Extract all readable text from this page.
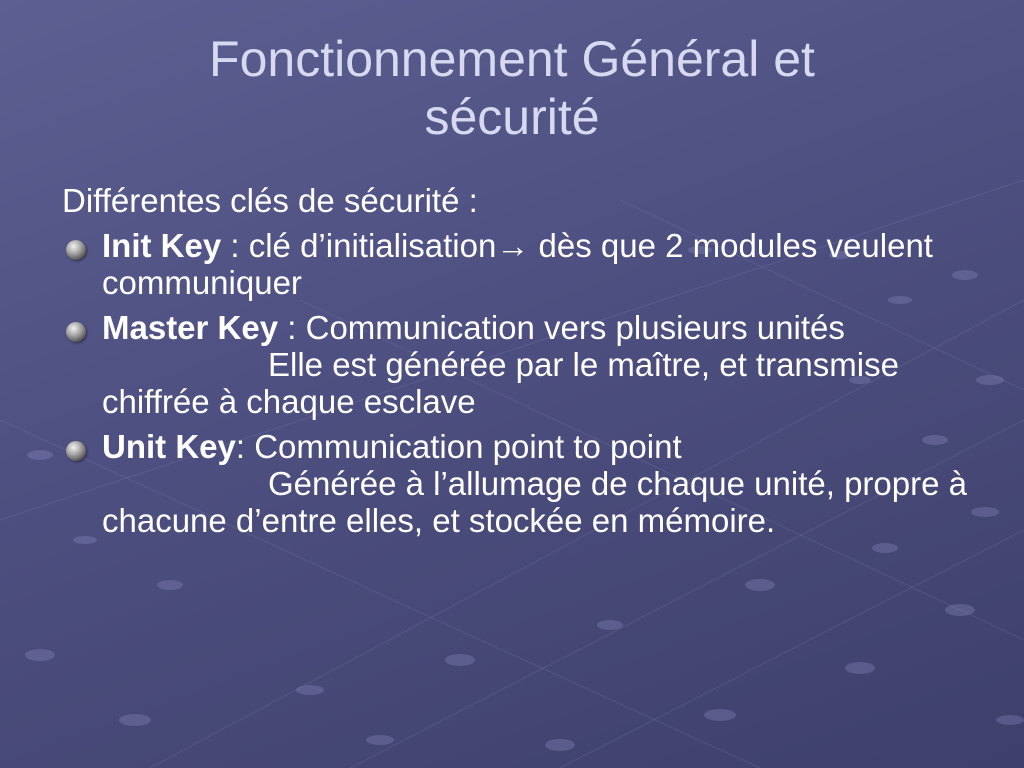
Fonctionnement Général et
sécurité
Différentes clés de sécurité :
Init Key : clé d’initialisation→ dès que 2 modules veulent communiquer
Master Key : Communication vers plusieurs unités
Elle est générée par le maître, et transmise chiffrée à chaque esclave
Unit Key: Communication point to point
Générée à l’allumage de chaque unité, propre à chacune d’entre elles, et stockée en mémoire.
